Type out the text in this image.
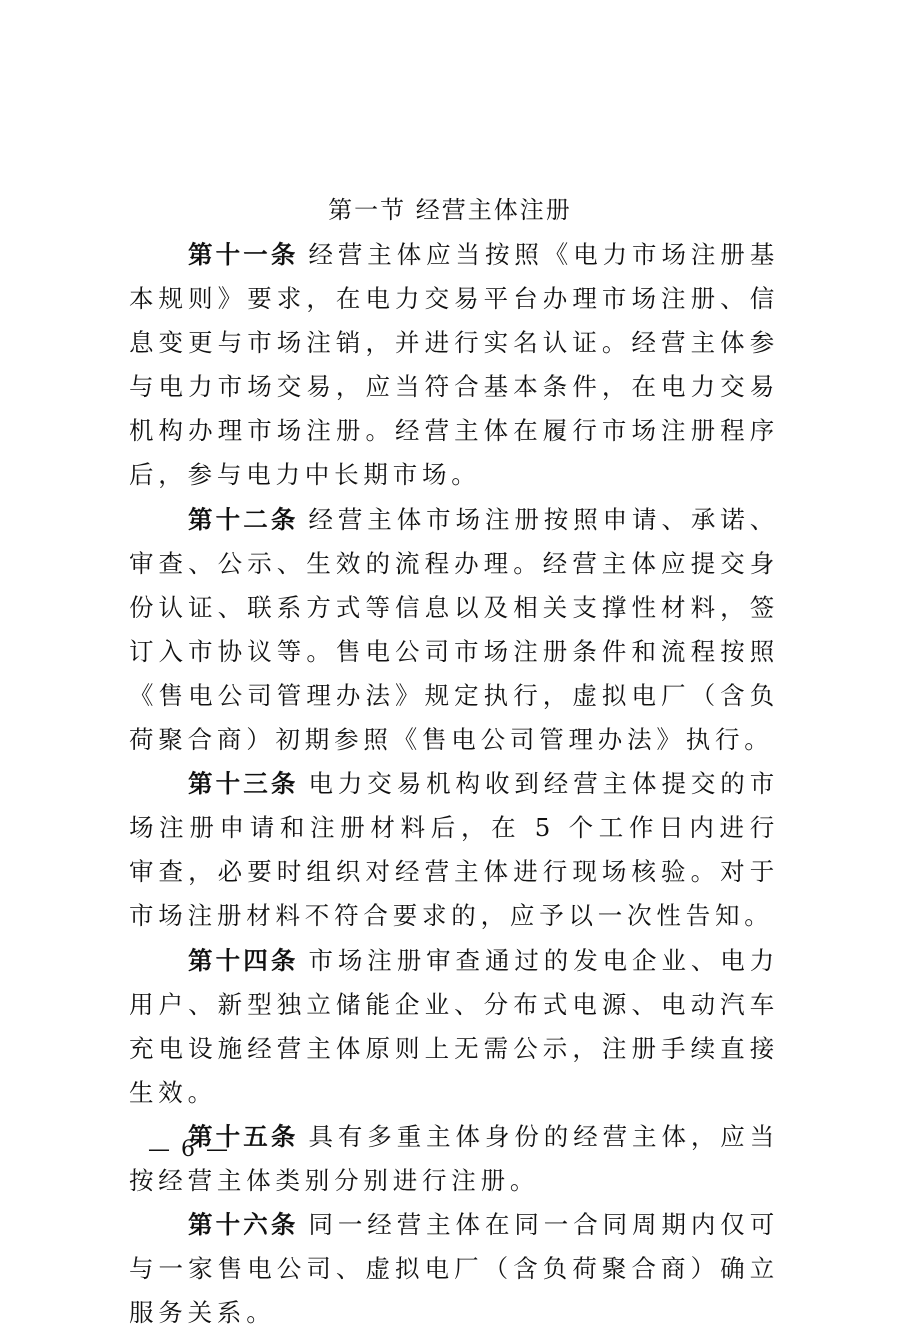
第一节 经营主体注册

第十一条 经营主体应当按照《电力市场注册基本规则》要求，在电力交易平台办理市场注册、信息变更与市场注销，并进行实名认证。经营主体参与电力市场交易，应当符合基本条件，在电力交易机构办理市场注册。经营主体在履行市场注册程序后，参与电力中长期市场。

第十二条 经营主体市场注册按照申请、承诺、审查、公示、生效的流程办理。经营主体应提交身份认证、联系方式等信息以及相关支撑性材料，签订入市协议等。售电公司市场注册条件和流程按照《售电公司管理办法》规定执行，虚拟电厂（含负荷聚合商）初期参照《售电公司管理办法》执行。

第十三条 电力交易机构收到经营主体提交的市场注册申请和注册材料后，在 5 个工作日内进行审查，必要时组织对经营主体进行现场核验。对于市场注册材料不符合要求的，应予以一次性告知。

第十四条 市场注册审查通过的发电企业、电力用户、新型独立储能企业、分布式电源、电动汽车充电设施经营主体原则上无需公示，注册手续直接生效。

第十五条 具有多重主体身份的经营主体，应当按经营主体类别分别进行注册。

第十六条 同一经营主体在同一合同周期内仅可与一家售电公司、虚拟电厂（含负荷聚合商）确立服务关系。

— 6 —
